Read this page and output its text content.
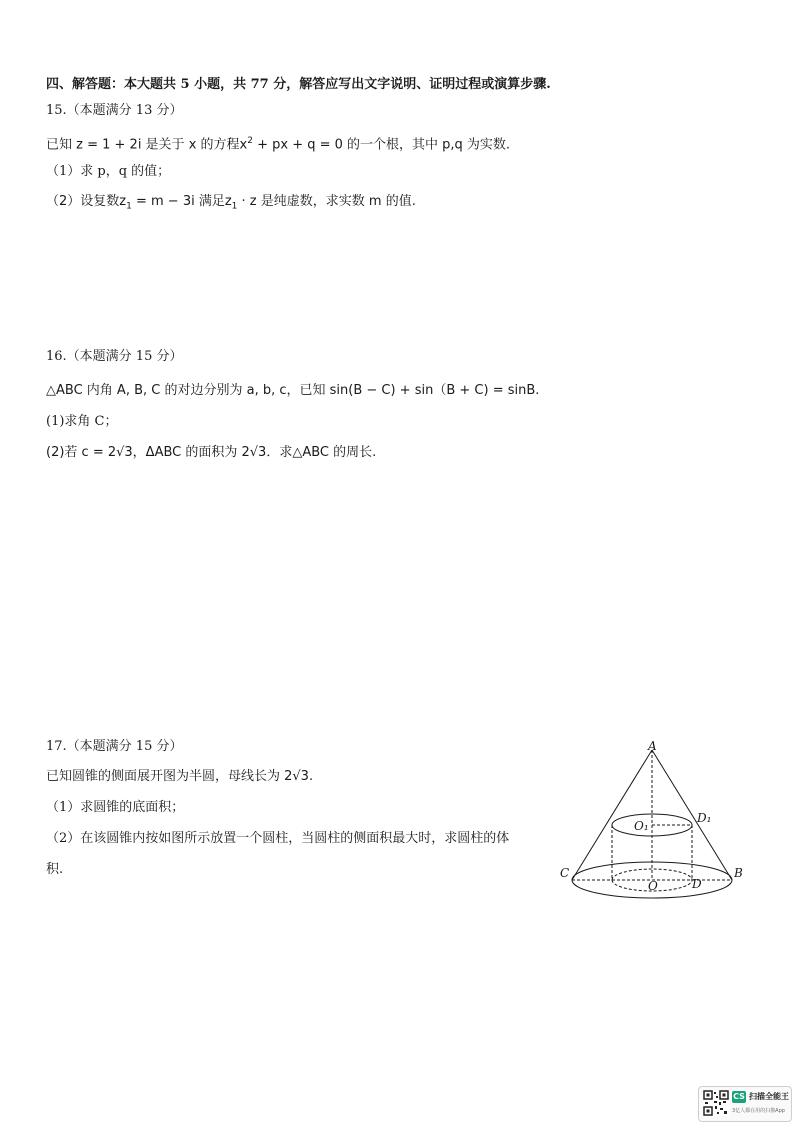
四、解答题：本大题共 5 小题，共 77 分，解答应写出文字说明、证明过程或演算步骤.
15.（本题满分 13 分）
已知 z = 1 + 2i 是关于 x 的方程$x^2$ + px + q = 0 的一个根，其中 p,q 为实数.
（1）求 p，q 的值；
（2）设复数$z_1 = m - 3i$ 满足$z_1 \cdot z$ 是纯虚数，求实数 m 的值.
16.（本题满分 15 分）
△ABC 内角 A, B, C 的对边分别为 a, b, c，已知 sin(B − C) + sin（B + C) = sinB.
(1)求角 C；
(2)若 c = 2√3，ΔABC 的面积为 2√3．求△ABC 的周长.
17.（本题满分 15 分）
已知圆锥的侧面展开图为半圆，母线长为 2√3.
（1）求圆锥的底面积；
（2）在该圆锥内按如图所示放置一个圆柱，当圆柱的侧面积最大时，求圆柱的体
积.
A
D₁
O₁
C	B
O	D
CS 扫描全能王
3亿人都在用的扫描App
